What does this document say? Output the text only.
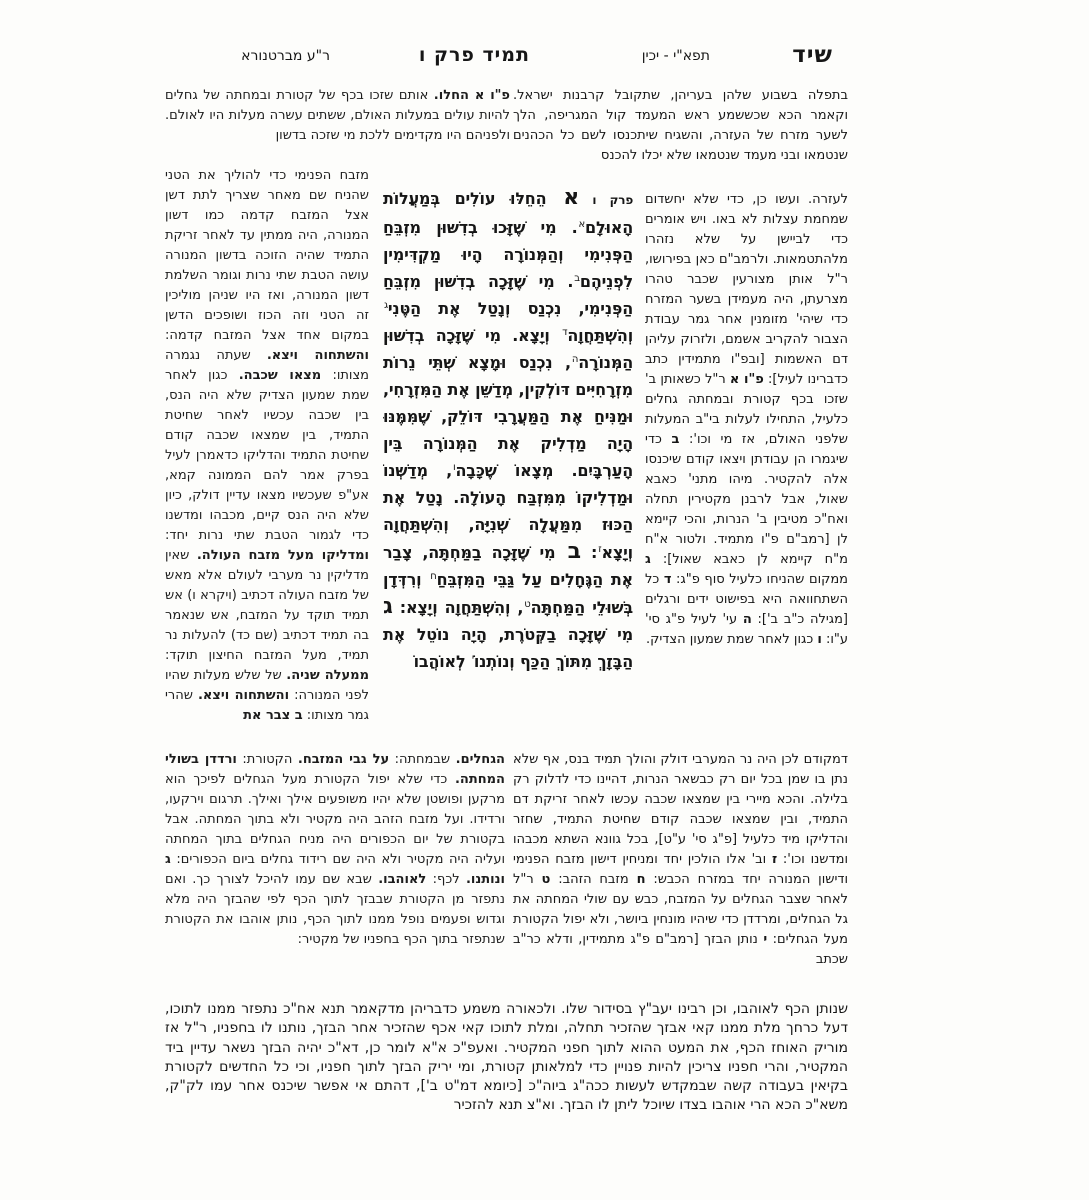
שיד
תפא"י - יכין
תמיד פרק ו
ר"ע מברטנורא
בתפלה בשבוע שלהן בעריהן, שתקובל קרבנות ישראל. וקאמר הכא שכששמע ראש המעמד קול המגריפה, הלך לשער מזרח של העזרה, והשגיח שיתכנסו לשם כל הכהנים שנטמאו ובני מעמד שנטמאו שלא יכלו להכנס
לעזרה. ועשו כן, כדי שלא יחשדום שמחמת עצלות לא באו. ויש אומרים כדי לביישן על שלא נזהרו מלהתטמאות. ולרמב"ם כאן בפירושו, ר"ל אותן מצורעין שכבר טהרו מצרעתן, היה מעמידן בשער המזרח כדי שיהי' מזומנין אחר גמר עבודת הצבור להקריב אשמם, ולזרוק עליהן דם האשמות [ובפ"ו מתמידין כתב כדברינו לעיל]: פ"ו א ר"ל כשאותן ב' שזכו בכף קטורת ובמחתה גחלים כלעיל, התחילו לעלות בי"ב המעלות שלפני האולם, אז מי וכו': ב כדי שיגמרו הן עבודתן ויצאו קודם שיכנסו אלה להקטיר. מיהו מתני' כאבא שאול, אבל לרבנן מקטירין תחלה ואח"כ מטיבין ב' הנרות, והכי קיימא לן [רמב"ם פ"ו מתמיד. ולטור א"ח מ"ח קיימא לן כאבא שאול]: ג ממקום שהניחו כלעיל סוף פ"ג: ד כל השתחוואה היא בפישוט ידים ורגלים [מגילה כ"ב ב']: ה עי' לעיל פ"ג סי' ע"ו: ו כגון לאחר שמת שמעון הצדיק.
דמקודם לכן היה נר המערבי דולק והולך תמיד בנס, אף שלא נתן בו שמן בכל יום רק כבשאר הנרות, דהיינו כדי לדלוק רק בלילה. והכא מיירי בין שמצאו שכבה עכשו לאחר זריקת דם התמיד, ובין שמצאו שכבה קודם שחיטת התמיד, שחזר והדליקו מיד כלעיל [פ"ג סי' ע"ט], בכל גוונא השתא מכבהו ומדשנו וכו': ז וב' אלו הולכין יחד ומניחין דישון מזבח הפנימי ודישון המנורה יחד במזרח הכבש: ח מזבח הזהב: ט ר"ל לאחר שצבר הגחלים על המזבח, כבש עם שולי המחתה את גל הגחלים, ומרדדן כדי שיהיו מונחין ביושר, ולא יפול הקטורת מעל הגחלים: י נותן הבזך [רמב"ם פ"ג מתמידין, ודלא כר"ב שכתב
פרק ו א הֵחֵלּוּ עוֹלִים בְּמַעֲלוֹת הָאוּלָם$^א$. מִי שֶׁזָּכוּ בְדִשּׁוּן מִזְבֵּחַ הַפְּנִימִי וְהַמְּנוֹרָה הָיוּ מַקְדִּימִין לִפְנֵיהֶם$^ב$. מִי שֶׁזָּכָה בְדִשּׁוּן מִזְבֵּחַ הַפְּנִימִי, נִכְנַס וְנָטַל אֶת הַטֶּנִי$^ג$ וְהִשְׁתַּחֲוָה$^ד$ וְיָצָא. מִי שֶׁזָּכָה בְדִשּׁוּן הַמְּנוֹרָה$^ה$, נִכְנַס וּמָצָא שְׁתֵּי נֵרוֹת מִזְרָחִיִּים דּוֹלְקִין, מְדַשֵּׁן אֶת הַמִּזְרָחִי, וּמַנִּיחַ אֶת הַמַּעֲרָבִי דּוֹלֵק, שֶׁמִּמֶּנּוּ הָיָה מַדְלִיק אֶת הַמְּנוֹרָה בֵּין הָעַרְבָּיִם. מְצָאוֹ שֶׁכָּבָה$^ו$, מְדַשְּׁנוֹ וּמַדְלִיקוֹ מִמִּזְבַּח הָעוֹלָה. נָטַל אֶת הַכּוּז מִמַּעֲלָה שְׁנִיָּה, וְהִשְׁתַּחֲוָה וְיָצָא$^ז$: ב מִי שֶׁזָּכָה בַמַּחְתָּה, צָבַר אֶת הַגֶּחָלִים עַל גַּבֵּי הַמִּזְבֵּחַ$^ח$ וְרִדְּדָן בְּשׁוּלֵי הַמַּחְתָּה$^ט$, וְהִשְׁתַּחֲוָה וְיָצָא: ג מִי שֶׁזָּכָה בַקְּטֹרֶת, הָיָה נוֹטֵל אֶת הַבָּזָךְ מִתּוֹךְ הַכַּף וְנוֹתְנוֹ$^י$ לְאוֹהֲבוֹ
פ"ו א החלו. אותם שזכו בכף של קטורת ובמחתה של גחלים להיות עולים במעלות האולם, ששתים עשרה מעלות היו לאולם. ולפניהם היו מקדימים ללכת מי שזכה בדשון
מזבח הפנימי כדי להוליך את הטני שהניח שם מאחר שצריך לתת דשן אצל המזבח קדמה כמו דשון המנורה, היה ממתין עד לאחר זריקת התמיד שהיה הזוכה בדשון המנורה עושה הטבת שתי נרות וגומר השלמת דשון המנורה, ואז היו שניהן מוליכין זה הטני וזה הכוז ושופכים הדשן במקום אחד אצל המזבח קדמה: והשתחוה ויצא. שעתה נגמרה מצותו: מצאו שכבה. כגון לאחר שמת שמעון הצדיק שלא היה הנס, בין שכבה עכשיו לאחר שחיטת התמיד, בין שמצאו שכבה קודם שחיטת התמיד והדליקו כדאמרן לעיל בפרק אמר להם הממונה קמא, אע"פ שעכשיו מצאו עדיין דולק, כיון שלא היה הנס קיים, מכבהו ומדשנו כדי לגמור הטבת שתי נרות יחד: ומדליקו מעל מזבח העולה. שאין מדליקין נר מערבי לעולם אלא מאש של מזבח העולה דכתיב (ויקרא ו) אש תמיד תוקד על המזבח, אש שנאמר בה תמיד דכתיב (שם כד) להעלות נר תמיד, מעל המזבח החיצון תוקד: ממעלה שניה. של שלש מעלות שהיו לפני המנורה: והשתחוה ויצא. שהרי גמר מצותו: ב צבר את
הגחלים. שבמחתה: על גבי המזבח. הקטורת: ורדדן בשולי המחתה. כדי שלא יפול הקטורת מעל הגחלים לפיכך הוא מרקען ופושטן שלא יהיו משופעים אילך ואילך. תרגום וירקעו, ורדידו. ועל מזבח הזהב היה מקטיר ולא בתוך המחתה. אבל בקטורת של יום הכפורים היה מניח הגחלים בתוך המחתה ועליה היה מקטיר ולא היה שם רידוד גחלים ביום הכפורים: ג ונותנו. לכף: לאוהבו. שבא שם עמו להיכל לצורך כך. ואם נתפזר מן הקטורת שבבזך לתוך הכף לפי שהבזך היה מלא וגדוש ופעמים נופל ממנו לתוך הכף, נותן אוהבו את הקטורת שנתפזר בתוך הכף בחפניו של מקטיר:
שנותן הכף לאוהבו, וכן רבינו יעב"ץ בסידור שלו. ולכאורה משמע כדבריהן מדקאמר תנא אח"כ נתפזר ממנו לתוכו, דעל כרחך מלת ממנו קאי אבזך שהזכיר תחלה, ומלת לתוכו קאי אכף שהזכיר אחר הבזך, נותנו לו בחפניו, ר"ל אז מוריק האוחז הכף, את המעט ההוא לתוך חפני המקטיר. ואעפ"כ א"א לומר כן, דא"כ יהיה הבזך נשאר עדיין ביד המקטיר, והרי חפניו צריכין להיות פנויין כדי למלאותן קטורת, ומי יריק הבזך לתוך חפניו, וכי כל החדשים לקטורת בקיאין בעבודה קשה שבמקדש לעשות ככה"ג ביוה"כ [כיומא דמ"ט ב'], דהתם אי אפשר שיכנס אחר עמו לק"ק, משא"כ הכא הרי אוהבו בצדו שיוכל ליתן לו הבזך. וא"צ תנא להזכיר
